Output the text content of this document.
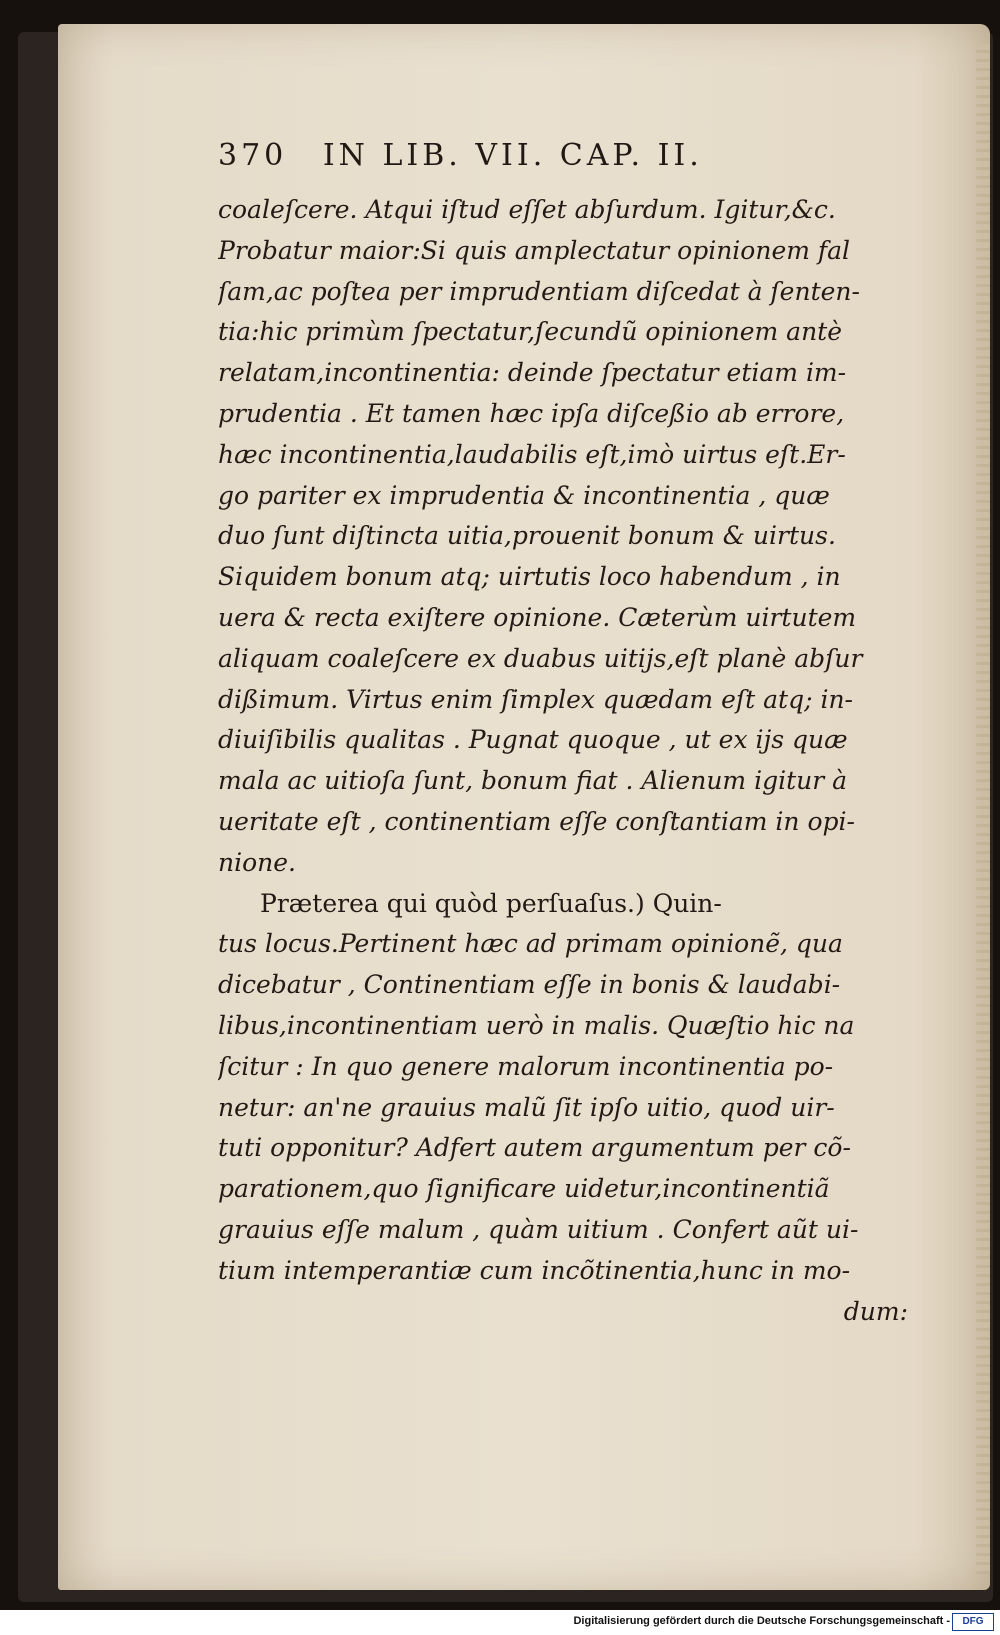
370 IN LIB. VII. CAP. II.
coaleſcere. Atqui iſtud eſſet abſurdum. Igitur,&c.
Probatur maior:Si quis amplectatur opinionem fal
ſam,ac poſtea per imprudentiam diſcedat à ſenten-
tia:hic primùm ſpectatur,ſecundũ opinionem antè
relatam,incontinentia: deinde ſpectatur etiam im-
prudentia . Et tamen hæc ipſa diſceßio ab errore,
hæc incontinentia,laudabilis eſt,imò uirtus eſt.Er-
go pariter ex imprudentia & incontinentia , quæ
duo ſunt diſtincta uitia,prouenit bonum & uirtus.
Siquidem bonum atq; uirtutis loco habendum , in
uera & recta exiſtere opinione. Cæterùm uirtutem
aliquam coaleſcere ex duabus uitijs,eſt planè abſur
dißimum. Virtus enim ſimplex quædam eſt atq; in-
diuiſibilis qualitas . Pugnat quoque , ut ex ijs quæ
mala ac uitioſa ſunt, bonum fiat . Alienum igitur à
ueritate eſt , continentiam eſſe conſtantiam in opi-
nione.
Præterea qui quòd perſuaſus.) Quin-
tus locus.Pertinent hæc ad primam opinionẽ, qua
dicebatur , Continentiam eſſe in bonis & laudabi-
libus,incontinentiam uerò in malis. Quæſtio hic na
ſcitur : In quo genere malorum incontinentia po-
netur: an'ne grauius malũ ſit ipſo uitio, quod uir-
tuti opponitur? Adfert autem argumentum per cõ-
parationem,quo ſignificare uidetur,incontinentiã
grauius eſſe malum , quàm uitium . Confert aũt ui-
tium intemperantiæ cum incõtinentia,hunc in mo-
dum:
Digitalisierung gefördert durch die Deutsche Forschungsgemeinschaft -	DFG
